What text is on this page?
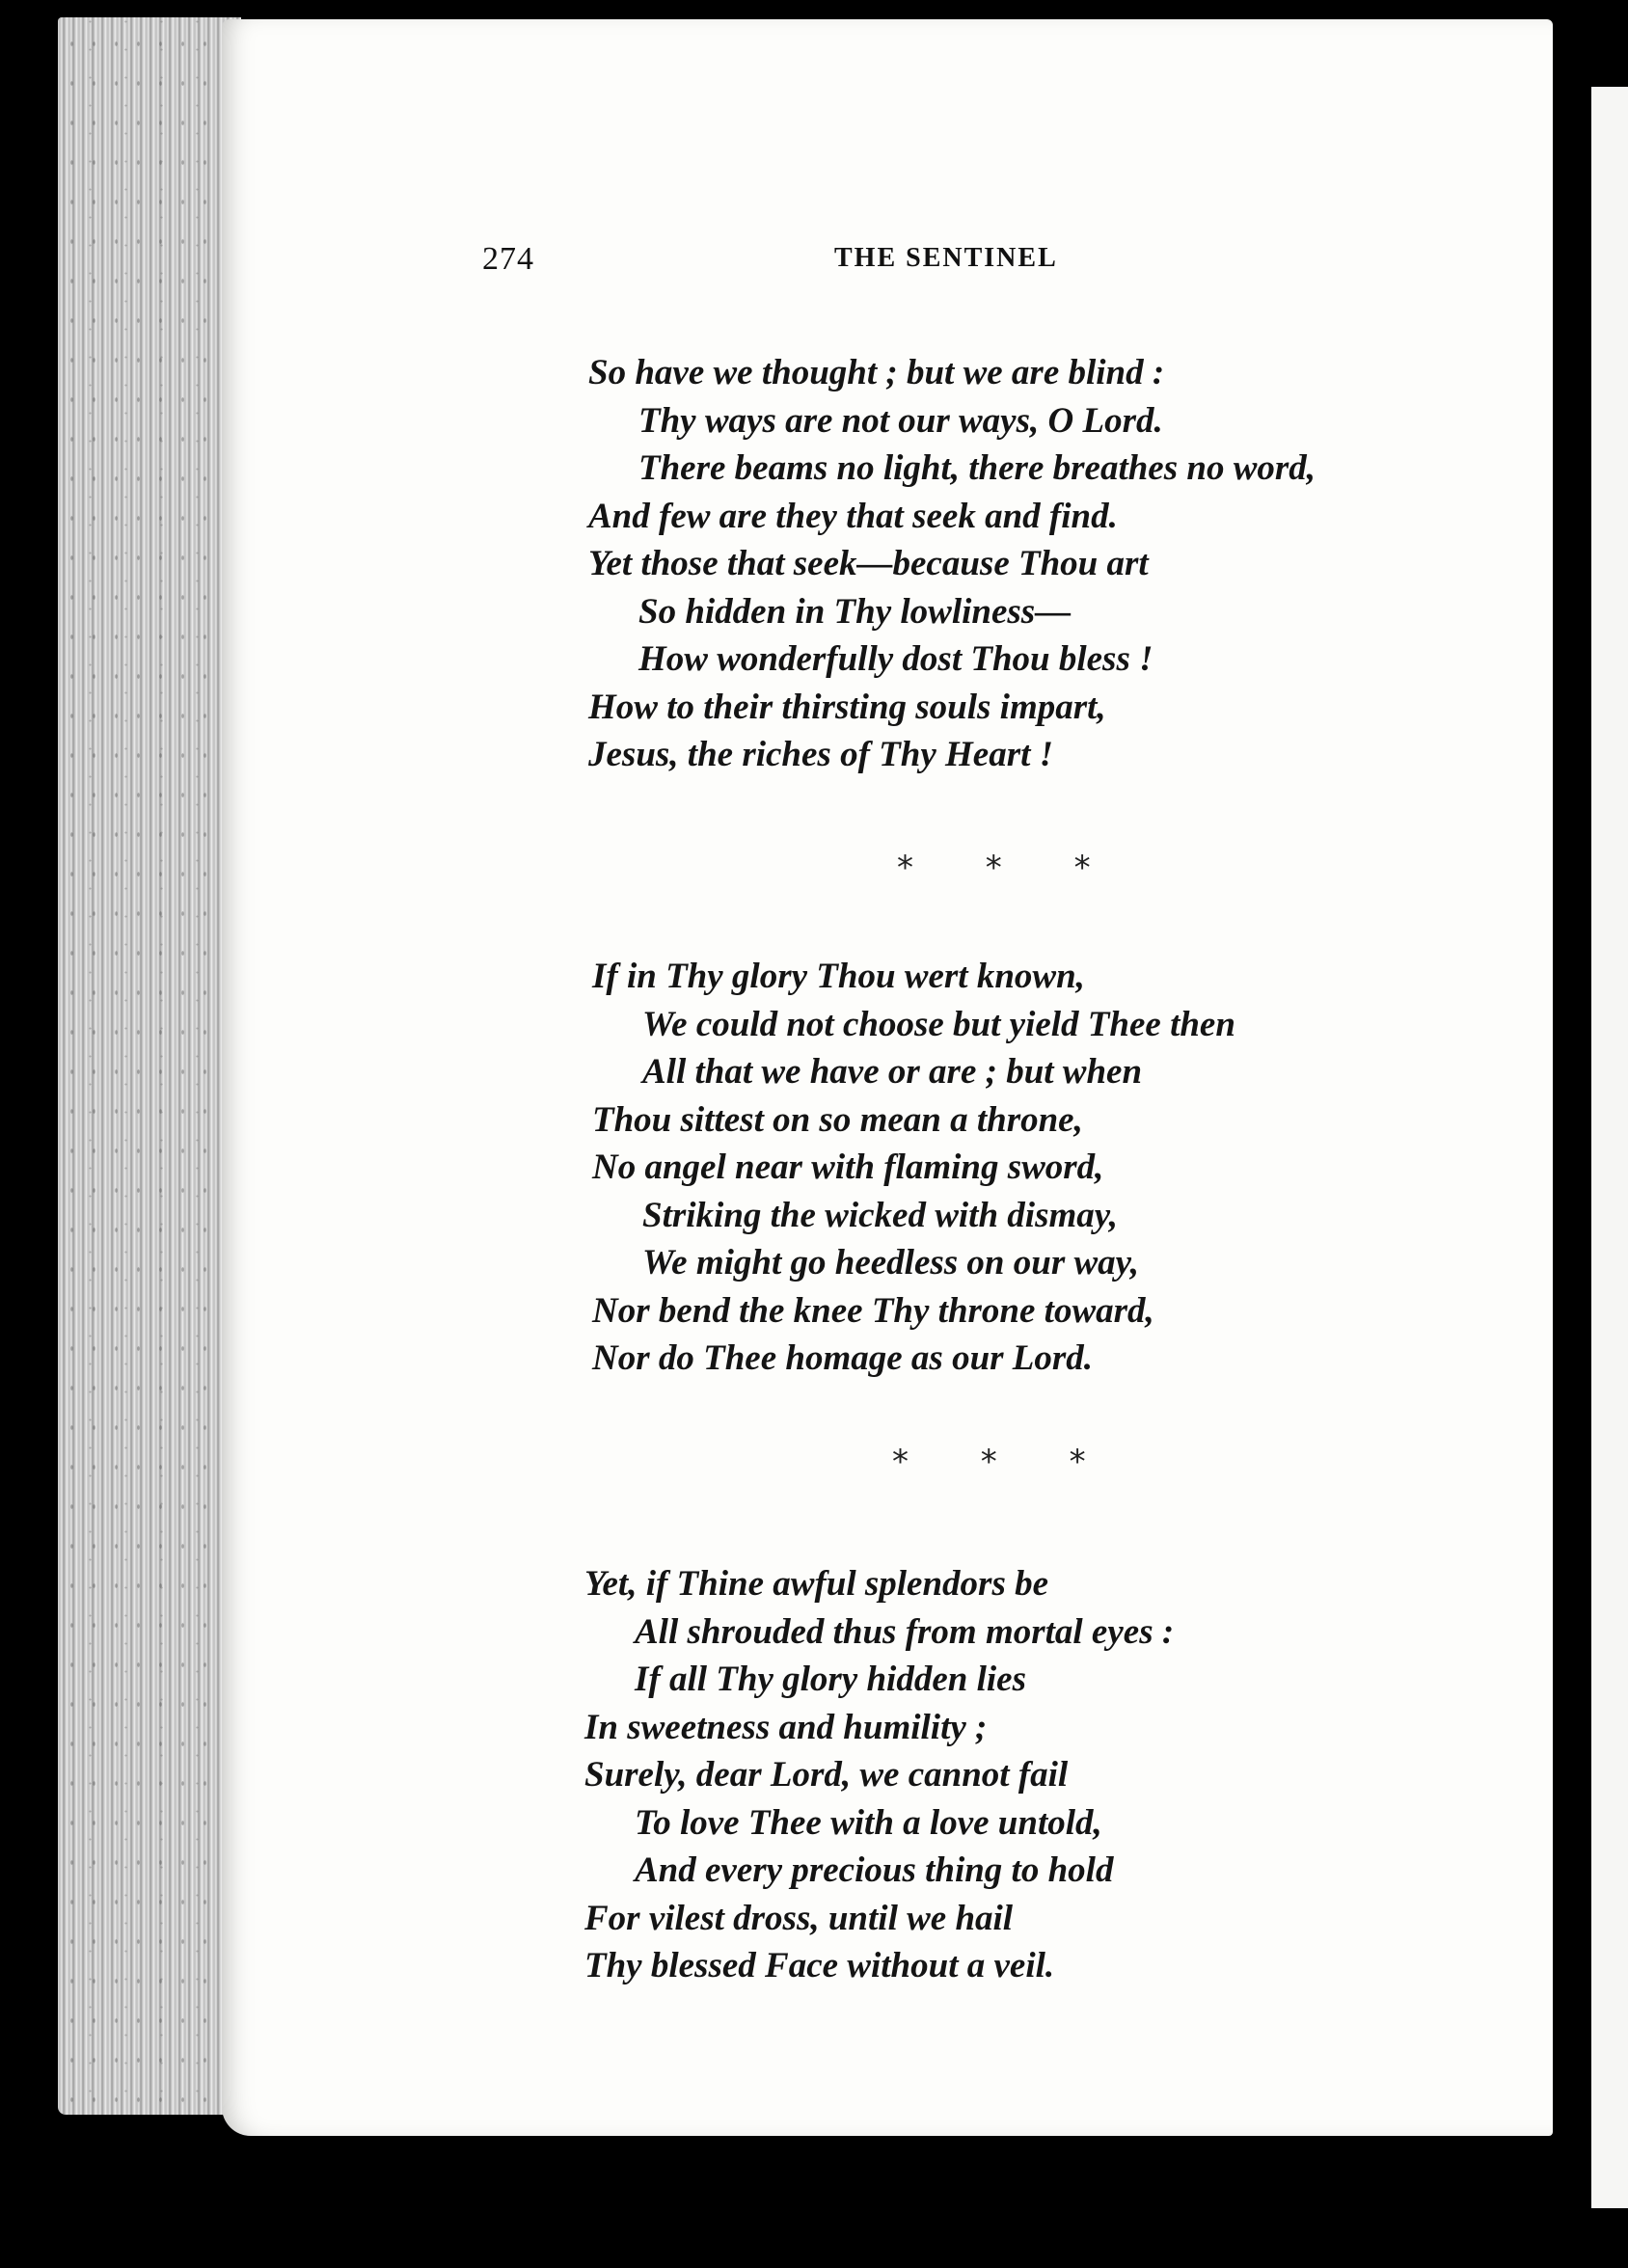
274	THE SENTINEL
So have we thought ; but we are blind :
Thy ways are not our ways, O Lord.
There beams no light, there breathes no word,
And few are they that seek and find.
Yet those that seek—because Thou art
So hidden in Thy lowliness—
How wonderfully dost Thou bless !
How to their thirsting souls impart,
Jesus, the riches of Thy Heart !
* * *
If in Thy glory Thou wert known,
We could not choose but yield Thee then
All that we have or are ; but when
Thou sittest on so mean a throne,
No angel near with flaming sword,
Striking the wicked with dismay,
We might go heedless on our way,
Nor bend the knee Thy throne toward,
Nor do Thee homage as our Lord.
* * *
Yet, if Thine awful splendors be
All shrouded thus from mortal eyes :
If all Thy glory hidden lies
In sweetness and humility ;
Surely, dear Lord, we cannot fail
To love Thee with a love untold,
And every precious thing to hold
For vilest dross, until we hail
Thy blessed Face without a veil.
